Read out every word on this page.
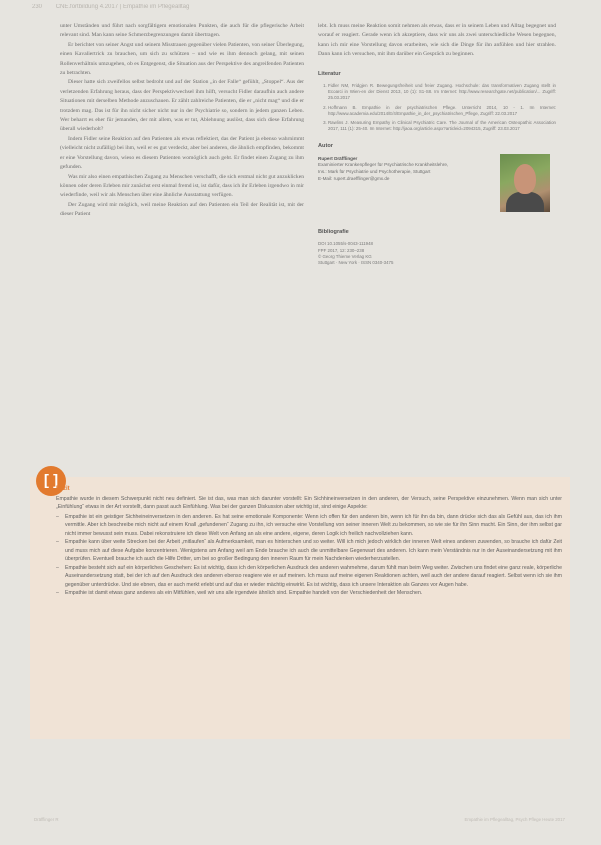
230 CNE.fortbildung 4.2017 | Empathie im Pflegealltag

unter Umständen und führt nach sorgfältigem emotionalen Punkten, die auch für die pflegerische Arbeit relevant sind. Man kann seine Schmerzbegrenzungen damit übertragen.

Er berichtet von seiner Angst und seinem Misstrauen gegenüber vielen Patienten, von seiner Überlegung, einen Kavaliertrick zu brauchen, um sich zu schützen – und wie es ihm dennoch gelang, mit seinen Rollenverhältnis umzugehen, ob es Entgegenst, die Situation aus der Perspektive des angreifenden Patienten zu betrachten.

Dieser hatte sich zweifellos selbst bedroht und auf der Station „in der Falle“ gefühlt, „Stoppel“. Aus der verletzenden Erfahrung heraus, dass der Perspektivwechsel ihm hilft, versucht Fidler daraufhin auch andere Situationen mit derselben Methode anzuschauen. Er zählt zahlreiche Patienten, die er „nicht mag“ und die er trotzdem mag. Das ist für ihn nicht sicher nicht nur in der Psychiatrie so, sondern in jedem ganzen Leben. Wer beharrt es eher für jemanden, der mit allem, was er tut, Ablehnung auslöst, dass sich diese Erfahrung überall wiederholt?

Indem Fidler seine Reaktion auf den Patienten als etwas reflektiert, das der Patient ja ebenso wahrnimmt (vielleicht nicht zufällig) bei ihm, weil er es gut verdeckt, aber bei anderen, die ähnlich empfinden, bekommt er eine Vorstellung davon, wieso es diesem Patienten womöglich auch geht. Er findet einen Zugang zu ihm gefunden.

Was mir also einen empathischen Zugang zu Menschen verschafft, die sich erstmal nicht gut anzuklicken können oder deren Erleben mir zunächst erst einmal fremd ist, ist dafür, dass ich ihr Erleben irgendwo in mir wiederfinde, weil wir als Menschen über eine ähnliche Ausstattung verfügen.

Der Zugang wird mir möglich, weil meine Reaktion auf den Patienten ein Teil der Realität ist, mit der dieser Patient

lebt. Ich muss meine Reaktion somit nehmen als etwas, dass er in seinem Leben und Alltag begegnet und worauf er reagiert. Gerade wenn ich akzeptiere, dass wir uns als zwei unterschiedliche Wesen begegnen, kann ich mir eine Vorstellung davon erarbeiten, wie sich die Dinge für ihn anfühlen und hier strahlen. Dann kann ich versuchen, mit ihm darüber ein Gespräch zu beginnen.

Literatur
1. Fidler NM, Fridgjen R. Bewegungsfreiheit und freier Zugang. Hochschule: das transformativen Zugang stellt in Ecoarci in Wien-en der Dienst 2013, 10 (1): S1-S8. Im Internet: http://www.researchgate.net/publication/... Zugriff: 25.03.2017
2. Hoffmann B. Empathie in der psychiatrischen Pflege. Unterricht 2014, 10 - 1. Im Internet: http://www.academia.edu/2014/E/4/Empathie_in_der_psychiatrischen_Pflege, Zugriff: 22.03.2017
3. Rawlins J. Measuring Empathy in Clinical Psychiatric Care. The Journal of the American Osteopathic Association 2017, 111 (1): 25-40. Im Internet: http://jaoa.org/article.aspx?articleid=2094315, Zugriff: 23.03.2017
Autor
Rupert Dräfflinger
Examinierter Krankenpfleger für Psychiatrische Krankheitslehre,
Ins.: Mark für Psychiatrie und Psychotherapie, Stuttgart
E-Mail: rupert.draefflinger@gmx.de
Bibliografie
DOI 10.1055/s-0043-111948
FPF 2017, 12: 230–238
© Georg Thieme Verlag KG
Stuttgart · New York · ISSN 0340-3475
[ ]
Fazit

Empathie wurde in diesem Schwerpunkt nicht neu definiert. Sie ist das, was man sich darunter vorstellt: Ein Sichhineinversetzen in den anderen, der Versuch, seine Perspektive einzunehmen. Wenn man sich unter „Einfühlung“ etwas in der Art vorstellt, dann passt auch Einfühlung. Was bei der ganzen Diskussion aber wichtig ist, sind einige Aspekte:

– Empathie ist ein geistiger Sichheineinversetzen in den anderen. Es hat seine emotionale Komponente: Wenn ich offen für den anderen bin, wenn ich für ihn da bin, dann drücke sich das als Gefühl aus, das ich ihm vermittle. Aber ich beschreibe mich nicht auf einem Knall „gefundenen“ Zugang zu ihn, ich versuche eine Vorstellung von seiner inneren Welt zu bekommen, so wie sie für ihn Sinn macht. Ein Sinn, der ihm selbst gar nicht immer bewusst sein muss. Dabei rekonstruiere ich diese Welt von Anfang an als eine andere, eigene, deren Logik ich freilich nachvollziehen kann.
– Empathie kann über weite Strecken bei der Arbeit „mitlaufen“ als Aufmerksamkeit, man es hinterschen und so weiter. Will ich mich jedoch wirklich der inneren Welt eines anderen zuwenden, so brauche ich dafür Zeit und muss mich auf diese Aufgabe konzentrieren. Wenigstens am Anfang weil am Ende brauche ich auch die unmittelbare Gegenwart des anderen. Ich kann mein Verständnis nur in der Auseinandersetzung mit ihm überprüfen. Eventuell brauche ich auch die Hilfe Dritter, um bei so großer Bedingung den inneren Raum für mein Nachdenken wiederherzustellen.
– Empathie besteht sich auf ein körperliches Geschehen: Es ist wichtig, dass ich den körperlichen Ausdruck des anderen wahrnehme, darum fühlt man beim Weg weiter. Zwischen uns findet eine ganz reale, körperliche Auseinandersetzung statt, bei der ich auf den Ausdruck des anderen ebenso reagiere wie er auf meinen. Ich muss auf meine eigenen Reaktionen achten, weil auch der andere darauf reagiert. Selbst wenn ich sie ihm gegenüber unterdrücke. Und sie ebnen, das er auch merkt erlebt und auf das er wieder mächtig einwirkt. Es ist wichtig, dass ich unsere Interaktion als Ganzes vor Augen habe.
– Empathie ist damit etwas ganz anderes als ein Mitfühlen, weil wir uns alle irgendwie ähnlich sind. Empathie handelt von der Verschiedenheit der Menschen.
Dräfflinger R	Empathie im Pflegealltag, Psych Pflege Heute 2017
